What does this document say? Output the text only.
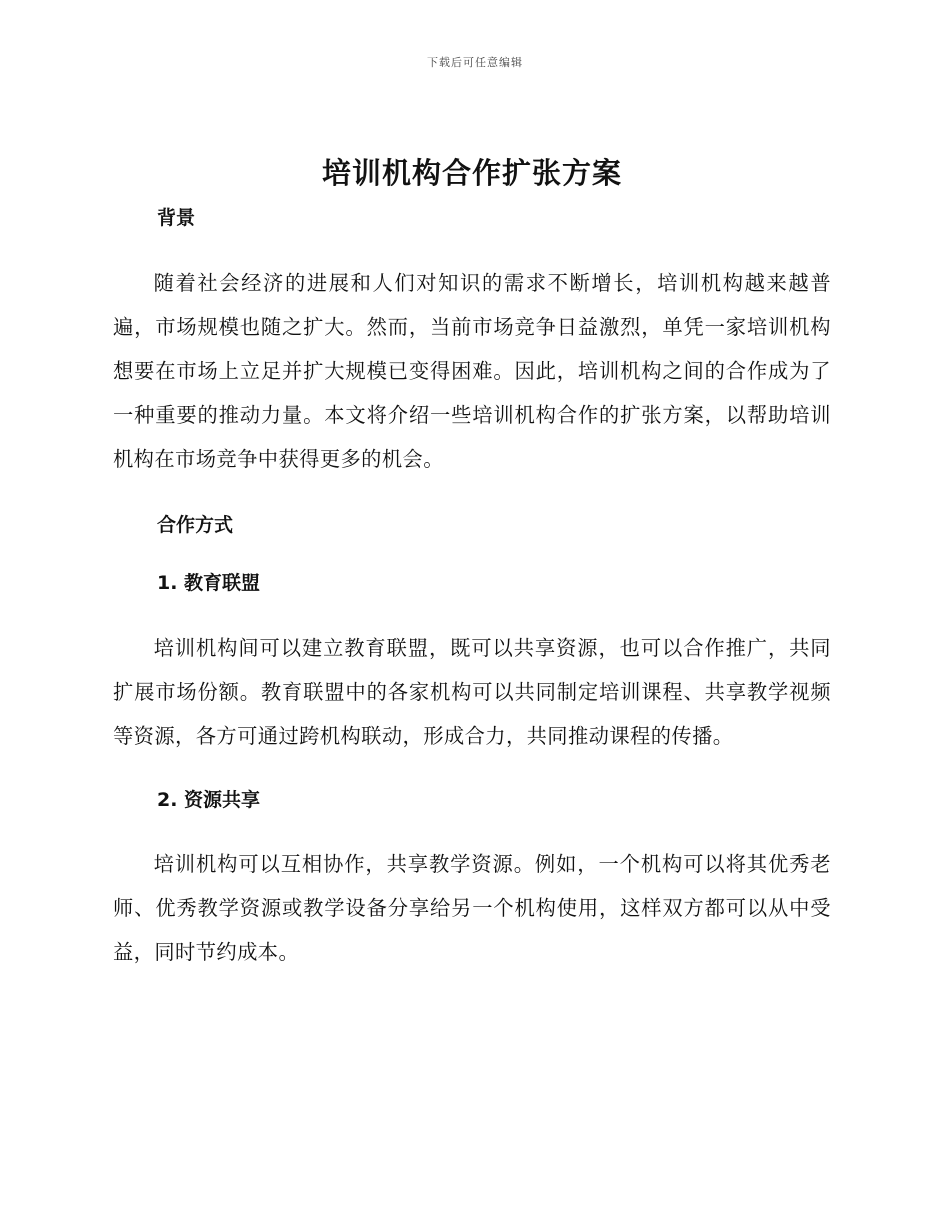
下载后可任意编辑
培训机构合作扩张方案
背景

随着社会经济的进展和人们对知识的需求不断增长，培训机构越来越普遍，市场规模也随之扩大。然而，当前市场竞争日益激烈，单凭一家培训机构想要在市场上立足并扩大规模已变得困难。因此，培训机构之间的合作成为了一种重要的推动力量。本文将介绍一些培训机构合作的扩张方案，以帮助培训机构在市场竞争中获得更多的机会。

合作方式
1. 教育联盟

培训机构间可以建立教育联盟，既可以共享资源，也可以合作推广，共同扩展市场份额。教育联盟中的各家机构可以共同制定培训课程、共享教学视频等资源，各方可通过跨机构联动，形成合力，共同推动课程的传播。

2. 资源共享

培训机构可以互相协作，共享教学资源。例如，一个机构可以将其优秀老师、优秀教学资源或教学设备分享给另一个机构使用，这样双方都可以从中受益，同时节约成本。
